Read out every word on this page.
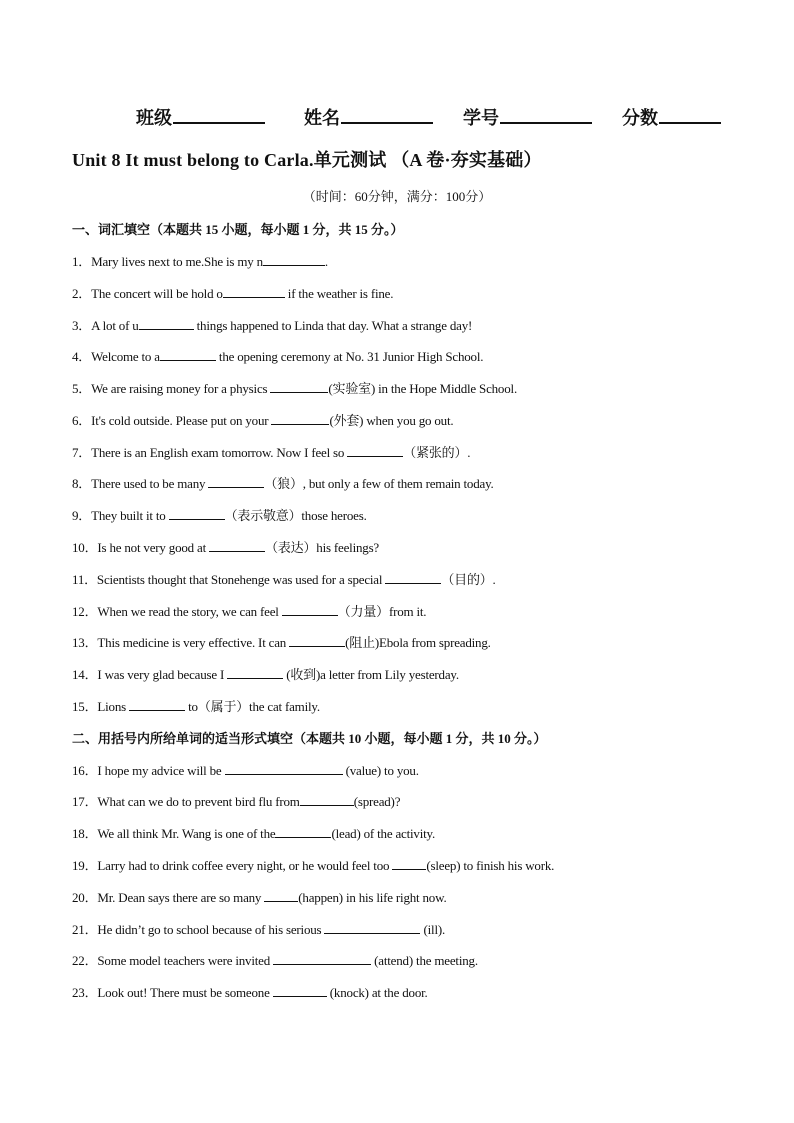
班级	姓名	学号	分数
Unit 8 It must belong to Carla.单元测试 （A 卷·夯实基础）
（时间：60分钟，满分：100分）
一、词汇填空（本题共 15 小题，每小题 1 分，共 15 分。）
1．Mary lives next to me.She is my n	.
2．The concert will be hold o	if the weather is fine.
3．A lot of u	things happened to Linda that day. What a strange day!
4．Welcome to a	the opening ceremony at No. 31 Junior High School.
5．We are raising money for a physics	(实验室) in the Hope Middle School.
6．It's cold outside. Please put on your	(外套) when you go out.
7．There is an English exam tomorrow. Now I feel so	（紧张的）.
8．There used to be many	（狼）, but only a few of them remain today.
9．They built it to	（表示敬意）those heroes.
10．Is he not very good at	（表达）his feelings?
11．Scientists thought that Stonehenge was used for a special	（目的）.
12．When we read the story, we can feel	（力量）from it.
13．This medicine is very effective. It can	(阻止)Ebola from spreading.
14．I was very glad because I	(收到)a letter from Lily yesterday.
15．Lions	to（属于）the cat family.
二、用括号内所给单词的适当形式填空（本题共 10 小题，每小题 1 分，共 10 分。）
16．I hope my advice will be	(value) to you.
17．What can we do to prevent bird flu from	(spread)?
18．We all think Mr. Wang is one of the	(lead) of the activity.
19．Larry had to drink coffee every night, or he would feel too	(sleep) to finish his work.
20．Mr. Dean says there are so many	(happen) in his life right now.
21．He didn’t go to school because of his serious	(ill).
22．Some model teachers were invited	(attend) the meeting.
23．Look out! There must be someone	(knock) at the door.
